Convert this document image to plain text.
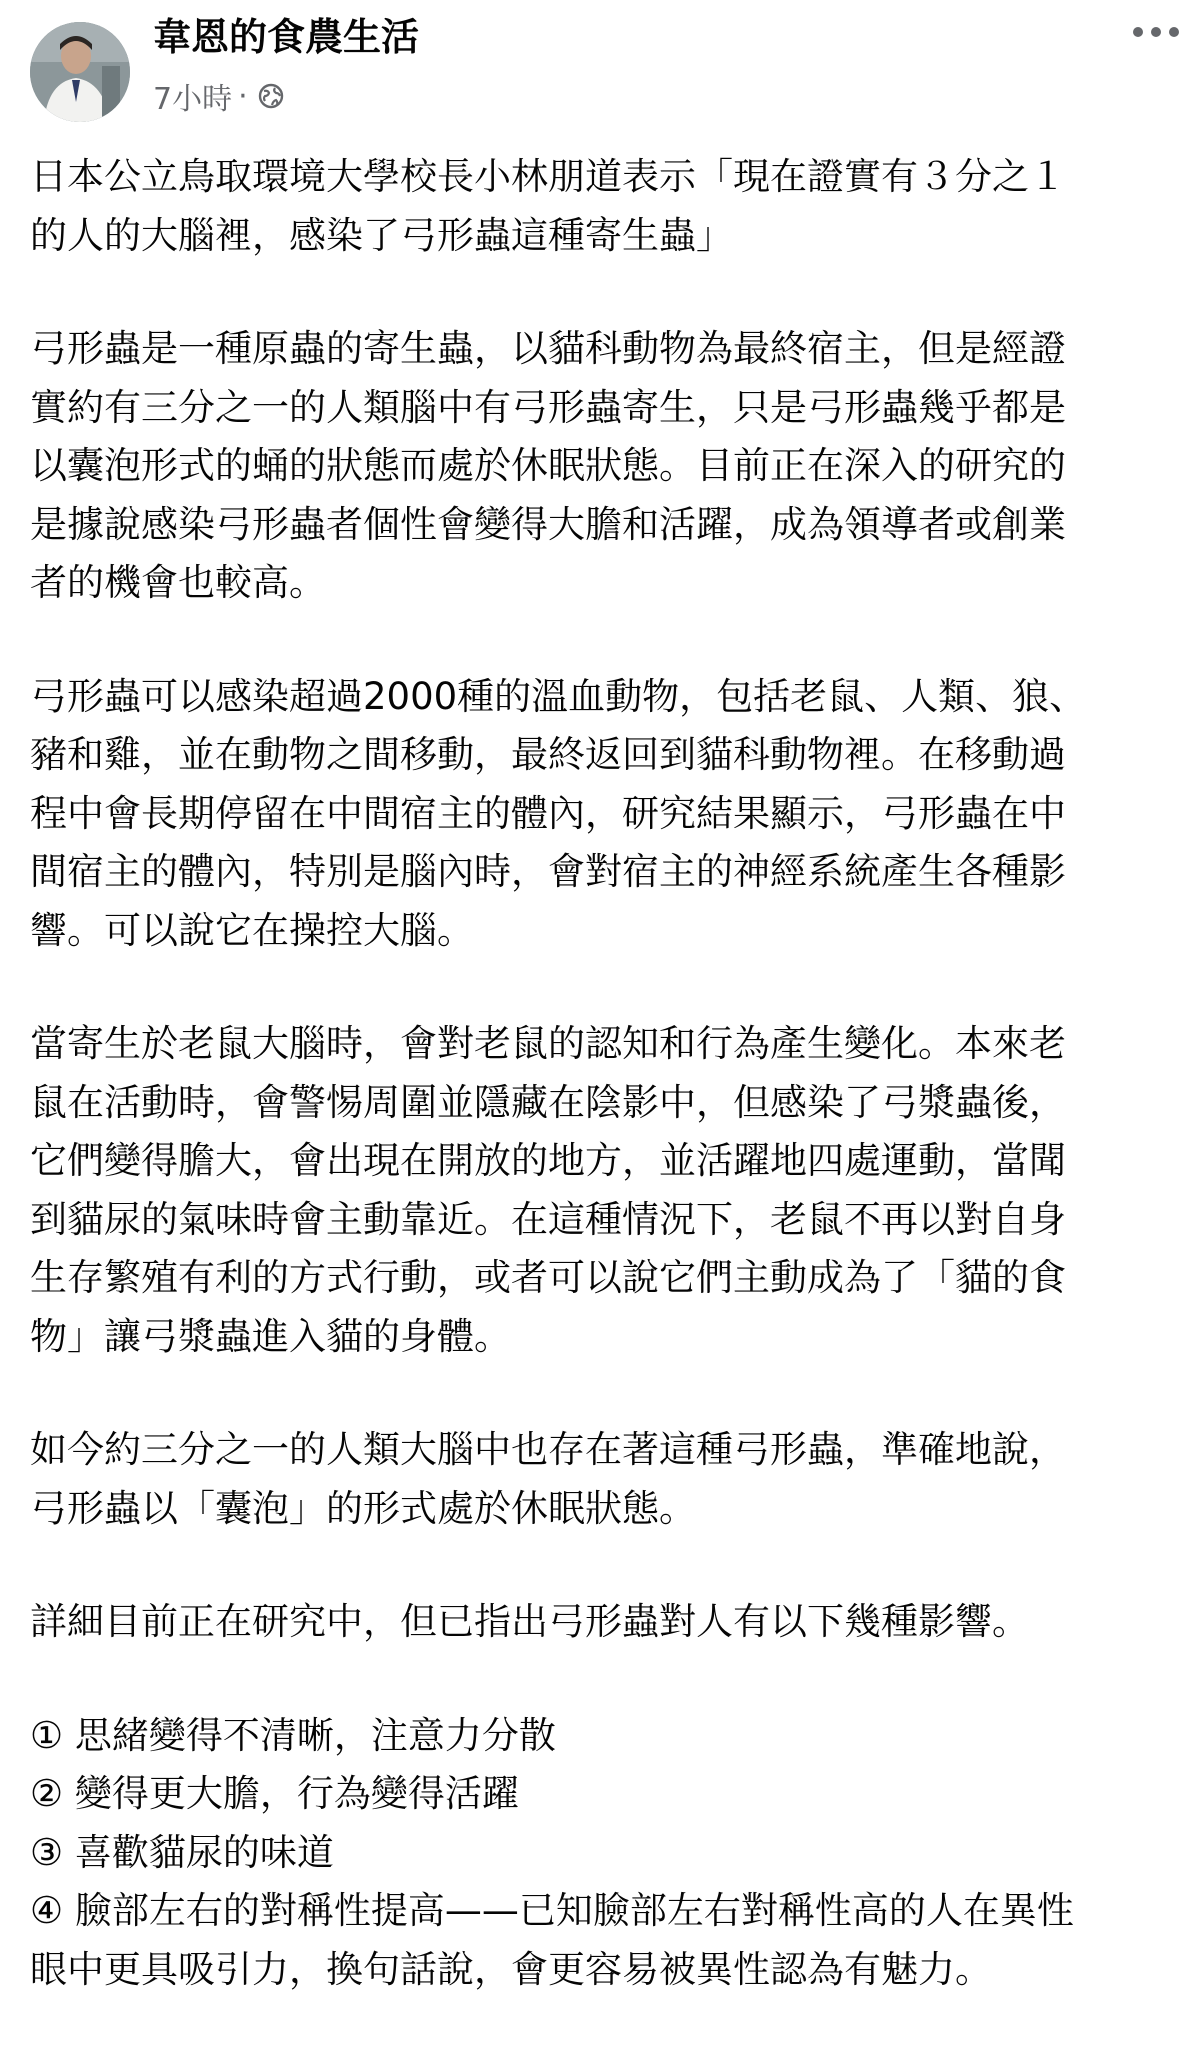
韋恩的食農生活
7小時 ·

日本公立鳥取環境大學校長小林朋道表示「現在證實有３分之１
的人的大腦裡，感染了弓形蟲這種寄生蟲」

弓形蟲是一種原蟲的寄生蟲，以貓科動物為最終宿主，但是經證
實約有三分之一的人類腦中有弓形蟲寄生，只是弓形蟲幾乎都是
以囊泡形式的蛹的狀態而處於休眠狀態。目前正在深入的研究的
是據說感染弓形蟲者個性會變得大膽和活躍，成為領導者或創業
者的機會也較高。

弓形蟲可以感染超過2000種的溫血動物，包括老鼠、人類、狼、
豬和雞，並在動物之間移動，最終返回到貓科動物裡。在移動過
程中會長期停留在中間宿主的體內，研究結果顯示，弓形蟲在中
間宿主的體內，特別是腦內時，會對宿主的神經系統產生各種影
響。可以說它在操控大腦。

當寄生於老鼠大腦時，會對老鼠的認知和行為產生變化。本來老
鼠在活動時，會警惕周圍並隱藏在陰影中，但感染了弓漿蟲後，
它們變得膽大，會出現在開放的地方，並活躍地四處運動，當聞
到貓尿的氣味時會主動靠近。在這種情況下，老鼠不再以對自身
生存繁殖有利的方式行動，或者可以說它們主動成為了「貓的食
物」讓弓漿蟲進入貓的身體。

如今約三分之一的人類大腦中也存在著這種弓形蟲，準確地說，
弓形蟲以「囊泡」的形式處於休眠狀態。

詳細目前正在研究中，但已指出弓形蟲對人有以下幾種影響。

① 思緒變得不清晰，注意力分散
② 變得更大膽，行為變得活躍
③ 喜歡貓尿的味道
④ 臉部左右的對稱性提高——已知臉部左右對稱性高的人在異性
眼中更具吸引力，換句話說，會更容易被異性認為有魅力。
